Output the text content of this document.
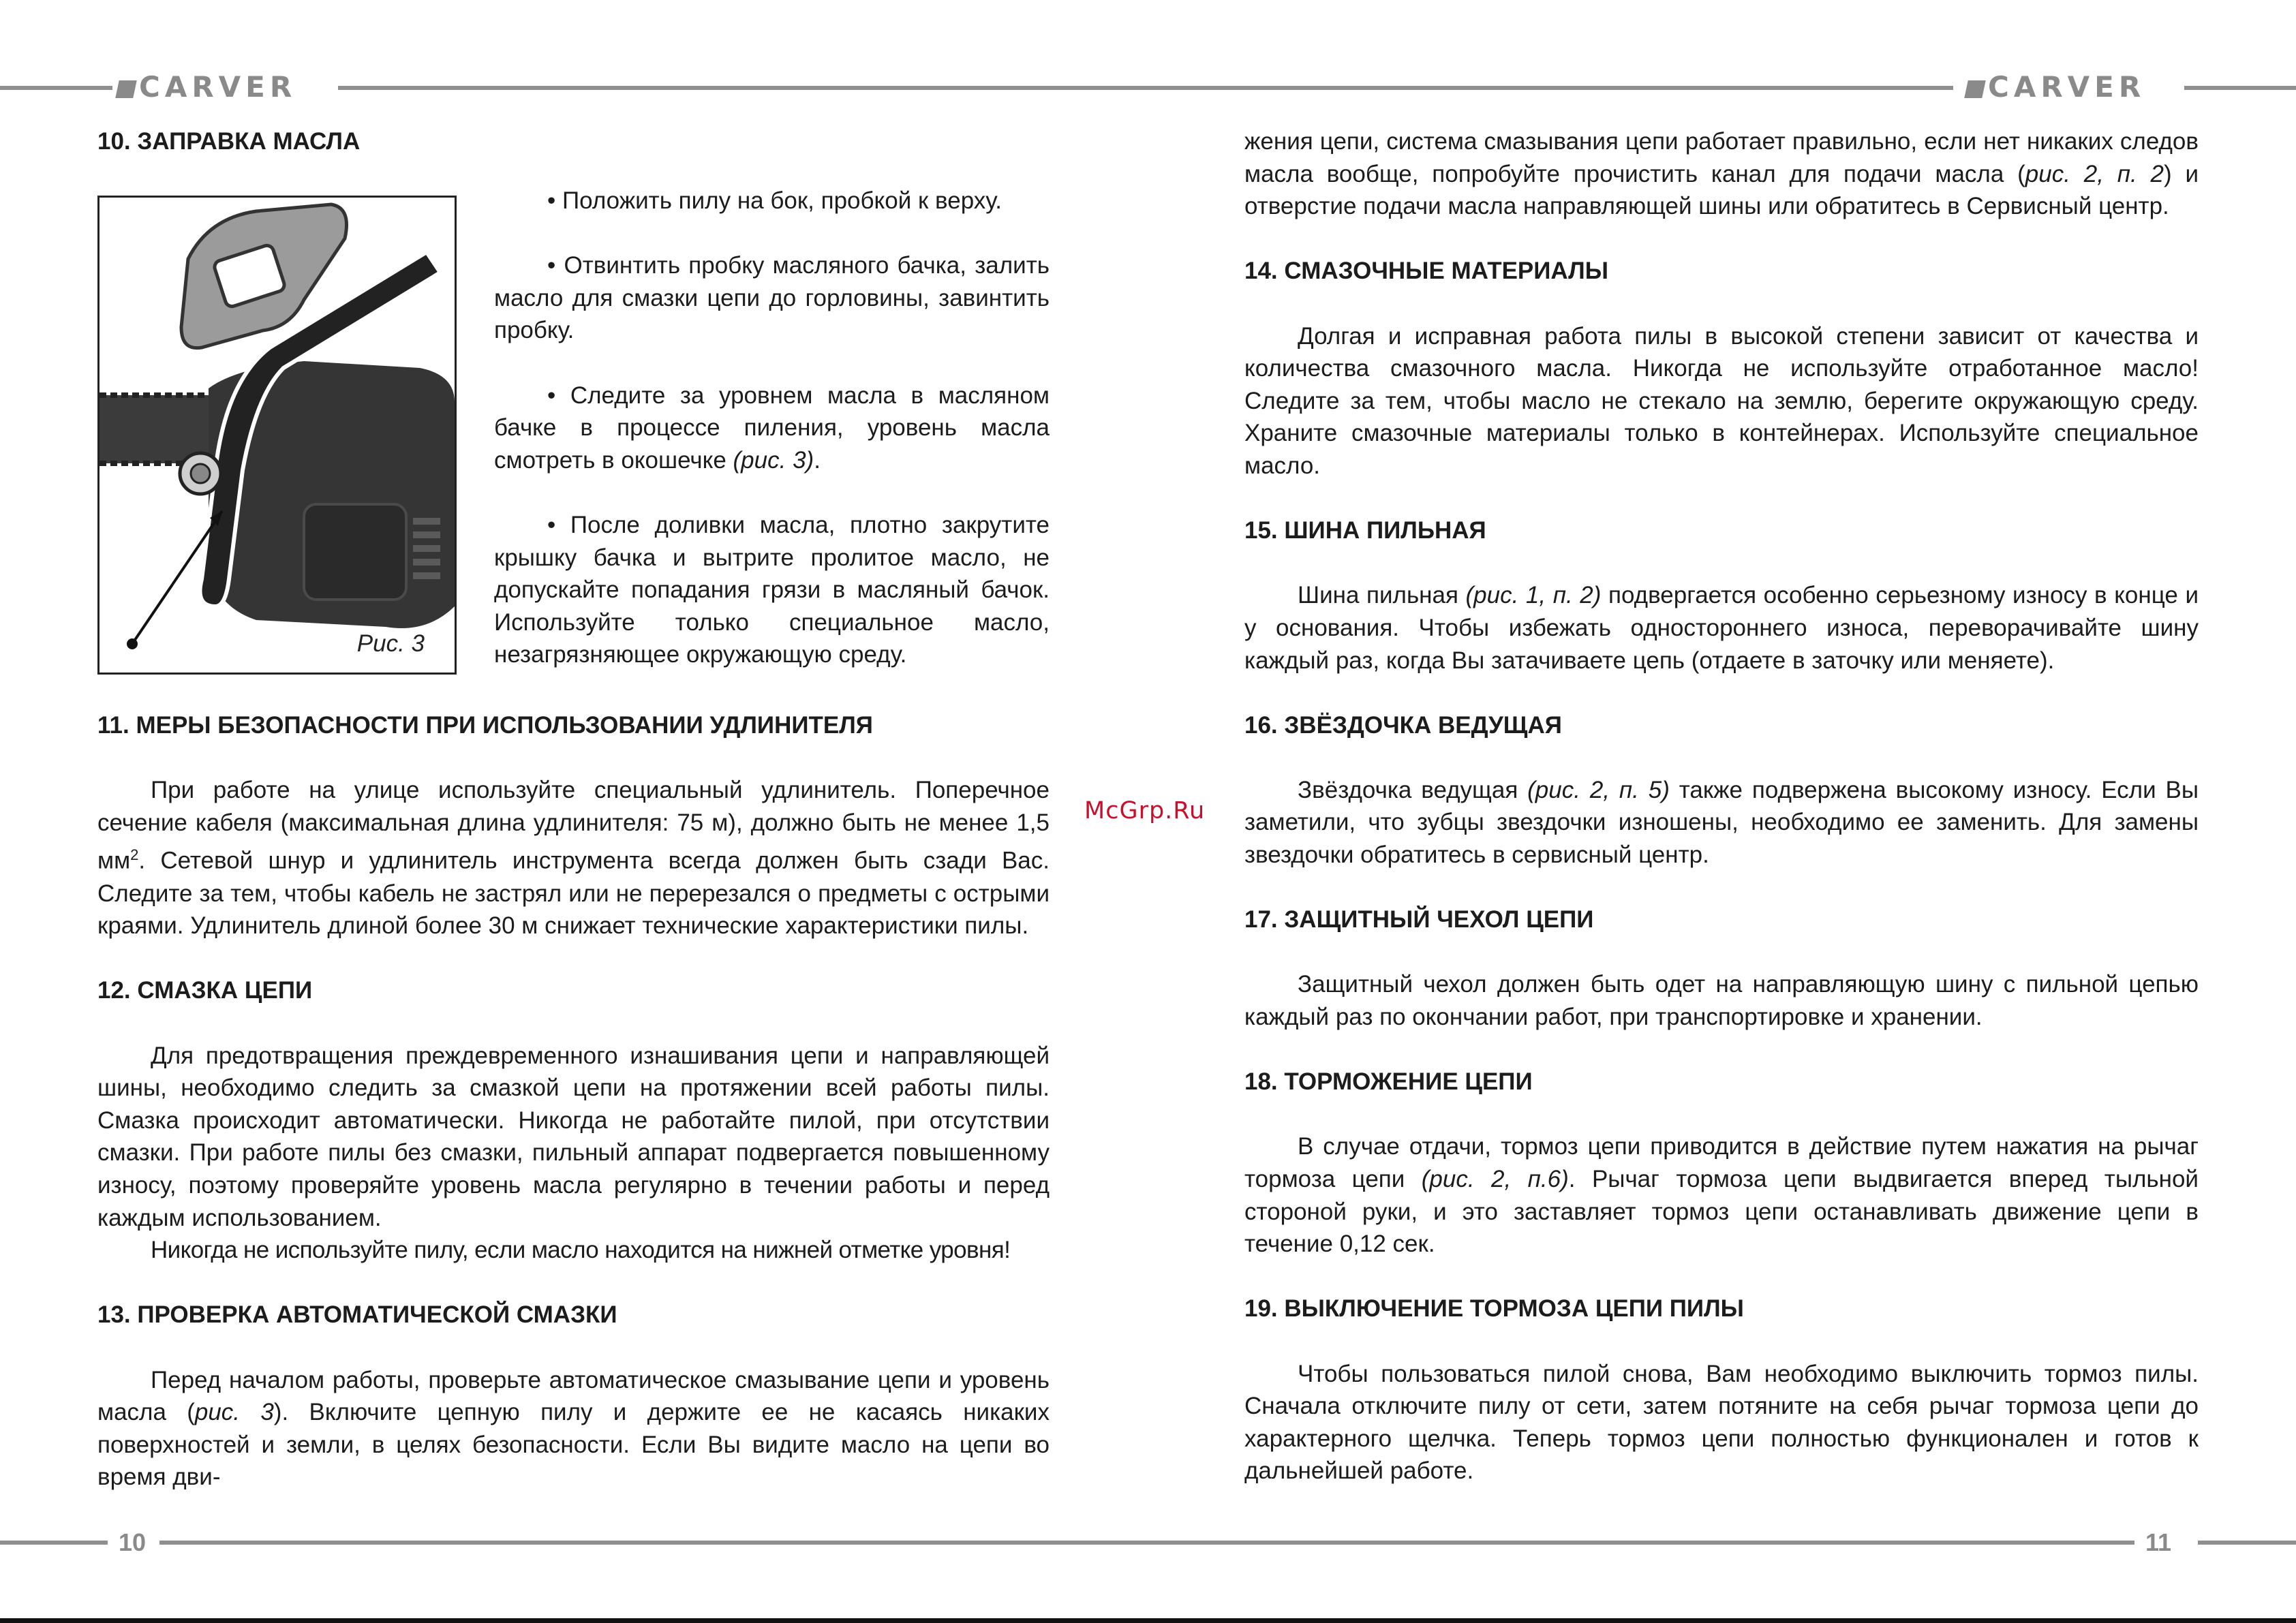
CARVER	CARVER
10	11
10. ЗАПРАВКА МАСЛА
Рис. 3

• Положить пилу на бок, пробкой к верху.

• Отвинтить пробку масляного бачка, залить масло для смазки цепи до горловины, завинтить пробку.

• Следите за уровнем масла в масляном бачке в процессе пиления, уровень масла смотреть в окошечке (рис. 3).

• После доливки масла, плотно закрутите крышку бачка и вытрите пролитое масло, не допускайте попадания грязи в масляный бачок. Используйте только специальное масло, незагрязняющее окружающую среду.

11. МЕРЫ БЕЗОПАСНОСТИ ПРИ ИСПОЛЬЗОВАНИИ УДЛИНИТЕЛЯ

При работе на улице используйте специальный удлинитель. Поперечное сечение кабеля (максимальная длина удлинителя: 75 м), должно быть не менее 1,5 $мм^2$. Сетевой шнур и удлинитель инструмента всегда должен быть сзади Вас. Следите за тем, чтобы кабель не застрял или не перерезался о предметы с острыми краями. Удлинитель длиной более 30 м снижает технические характеристики пилы.

12. СМАЗКА ЦЕПИ

Для предотвращения преждевременного изнашивания цепи и направляющей шины, необходимо следить за смазкой цепи на протяжении всей работы пилы. Смазка происходит автоматически. Никогда не работайте пилой, при отсутствии смазки. При работе пилы без смазки, пильный аппарат подвергается повышенному износу, поэтому проверяйте уровень масла регулярно в течении работы и перед каждым использованием.

Никогда не используйте пилу, если масло находится на нижней отметке уровня!

13. ПРОВЕРКА АВТОМАТИЧЕСКОЙ СМАЗКИ

Перед началом работы, проверьте автоматическое смазывание цепи и уровень масла (рис. 3). Включите цепную пилу и держите ее не касаясь никаких поверхностей и земли, в целях безопасности. Если Вы видите масло на цепи во время дви-

McGrp.Ru

жения цепи, система смазывания цепи работает правильно, если нет никаких следов масла вообще, попробуйте прочистить канал для подачи масла (рис. 2, п. 2) и отверстие подачи масла направляющей шины или обратитесь в Сервисный центр.

14. СМАЗОЧНЫЕ МАТЕРИАЛЫ

Долгая и исправная работа пилы в высокой степени зависит от качества и количества смазочного масла. Никогда не используйте отработанное масло! Следите за тем, чтобы масло не стекало на землю, берегите окружающую среду. Храните смазочные материалы только в контейнерах. Используйте специальное масло.

15. ШИНА ПИЛЬНАЯ

Шина пильная (рис. 1, п. 2) подвергается особенно серьезному износу в конце и у основания. Чтобы избежать одностороннего износа, переворачивайте шину каждый раз, когда Вы затачиваете цепь (отдаете в заточку или меняете).

16. ЗВЁЗДОЧКА ВЕДУЩАЯ

Звёздочка ведущая (рис. 2, п. 5) также подвержена высокому износу. Если Вы заметили, что зубцы звездочки изношены, необходимо ее заменить. Для замены звездочки обратитесь в сервисный центр.

17. ЗАЩИТНЫЙ ЧЕХОЛ ЦЕПИ

Защитный чехол должен быть одет на направляющую шину с пильной цепью каждый раз по окончании работ, при транспортировке и хранении.

18. ТОРМОЖЕНИЕ ЦЕПИ

В случае отдачи, тормоз цепи приводится в действие путем нажатия на рычаг тормоза цепи (рис. 2, п.6). Рычаг тормоза цепи выдвигается вперед тыльной стороной руки, и это заставляет тормоз цепи останавливать движение цепи в течение 0,12 сек.

19. ВЫКЛЮЧЕНИЕ ТОРМОЗА ЦЕПИ ПИЛЫ

Чтобы пользоваться пилой снова, Вам необходимо выключить тормоз пилы. Сначала отключите пилу от сети, затем потяните на себя рычаг тормоза цепи до характерного щелчка. Теперь тормоз цепи полностью функционален и готов к дальнейшей работе.
